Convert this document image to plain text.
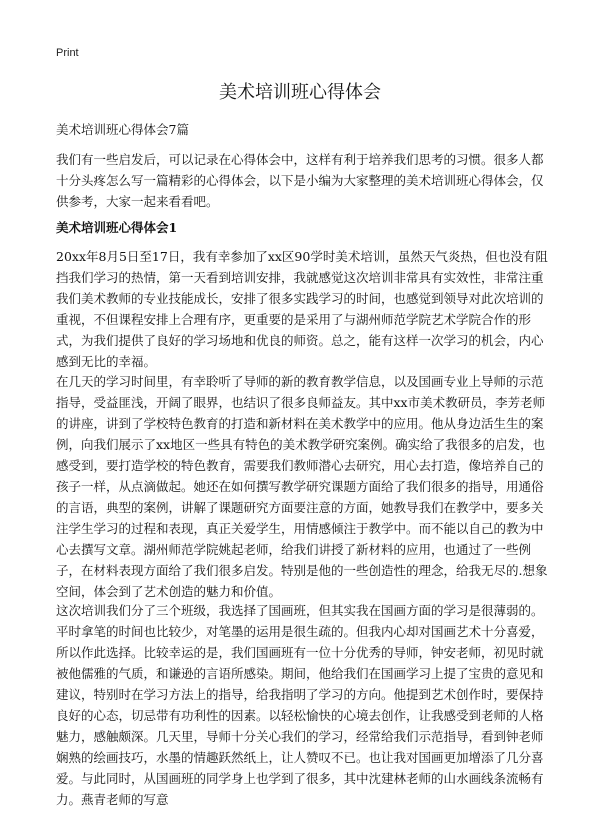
Print
美术培训班心得体会
美术培训班心得体会7篇

我们有一些启发后，可以记录在心得体会中，这样有利于培养我们思考的习惯。很多人都十分头疼怎么写一篇精彩的心得体会，以下是小编为大家整理的美术培训班心得体会，仅供参考，大家一起来看看吧。

美术培训班心得体会1

20xx年8月5日至17日，我有幸参加了xx区90学时美术培训，虽然天气炎热，但也没有阻挡我们学习的热情，第一天看到培训安排，我就感觉这次培训非常具有实效性，非常注重我们美术教师的专业技能成长，安排了很多实践学习的时间，也感觉到领导对此次培训的重视，不但课程安排上合理有序，更重要的是采用了与湖州师范学院艺术学院合作的形式，为我们提供了良好的学习场地和优良的师资。总之，能有这样一次学习的机会，内心感到无比的幸福。

在几天的学习时间里，有幸聆听了导师的新的教育教学信息，以及国画专业上导师的示范指导，受益匪浅，开阔了眼界，也结识了很多良师益友。其中xx市美术教研员，李芳老师的讲座，讲到了学校特色教育的打造和新材料在美术教学中的应用。他从身边活生生的案例，向我们展示了xx地区一些具有特色的美术教学研究案例。确实给了我很多的启发，也感受到，要打造学校的特色教育，需要我们教师潜心去研究，用心去打造，像培养自己的孩子一样，从点滴做起。她还在如何撰写教学研究课题方面给了我们很多的指导，用通俗的言语，典型的案例，讲解了课题研究方面要注意的方面，她教导我们在教学中，要多关注学生学习的过程和表现，真正关爱学生，用情感倾注于教学中。而不能以自己的教为中心去撰写文章。湖州师范学院姚起老师，给我们讲授了新材料的应用，也通过了一些例子，在材料表现方面给了我们很多启发。特别是他的一些创造性的理念，给我无尽的.想象空间，体会到了艺术创造的魅力和价值。

这次培训我们分了三个班级，我选择了国画班，但其实我在国画方面的学习是很薄弱的。平时拿笔的时间也比较少，对笔墨的运用是很生疏的。但我内心却对国画艺术十分喜爱，所以作此选择。比较幸运的是，我们国画班有一位十分优秀的导师，钟安老师，初见时就被他儒雅的气质，和谦逊的言语所感染。期间，他给我们在国画学习上提了宝贵的意见和建议，特别时在学习方法上的指导，给我指明了学习的方向。他提到艺术创作时，要保持良好的心态，切忌带有功利性的因素。以轻松愉快的心境去创作，让我感受到老师的人格魅力，感触颇深。几天里，导师十分关心我们的学习，经常给我们示范指导，看到钟老师娴熟的绘画技巧，水墨的情趣跃然纸上，让人赞叹不已。也让我对国画更加增添了几分喜爱。与此同时，从国画班的同学身上也学到了很多，其中沈建林老师的山水画线条流畅有力。燕青老师的写意
